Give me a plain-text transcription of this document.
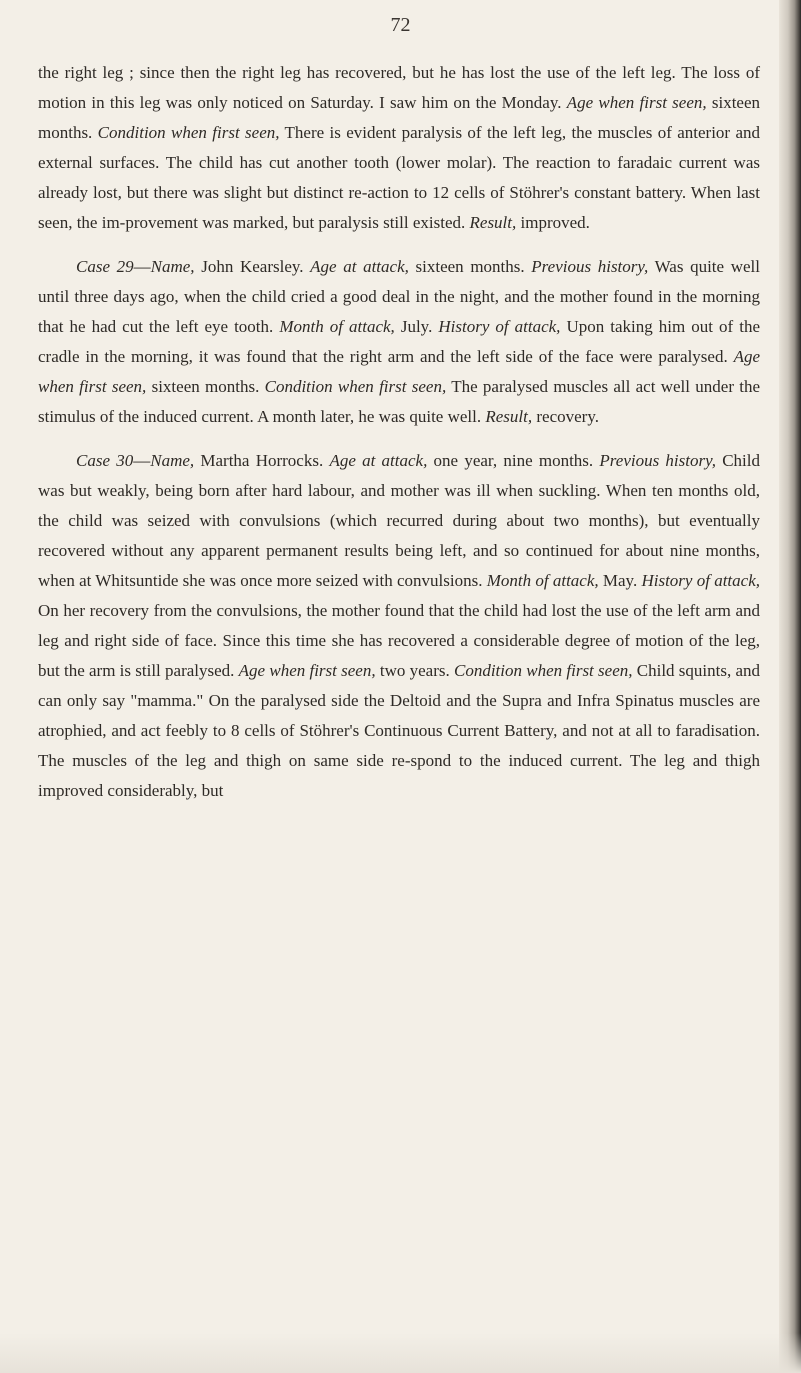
72

the right leg ; since then the right leg has recovered, but he has lost the use of the left leg. The loss of motion in this leg was only noticed on Saturday. I saw him on the Monday. Age when first seen, sixteen months. Condition when first seen, There is evident paralysis of the left leg, the muscles of anterior and external surfaces. The child has cut another tooth (lower molar). The reaction to faradaic current was already lost, but there was slight but distinct re-action to 12 cells of Stöhrer's constant battery. When last seen, the im-provement was marked, but paralysis still existed. Result, improved.

Case 29—Name, John Kearsley. Age at attack, sixteen months. Previous history, Was quite well until three days ago, when the child cried a good deal in the night, and the mother found in the morning that he had cut the left eye tooth. Month of attack, July. History of attack, Upon taking him out of the cradle in the morning, it was found that the right arm and the left side of the face were paralysed. Age when first seen, sixteen months. Condition when first seen, The paralysed muscles all act well under the stimulus of the induced current. A month later, he was quite well. Result, recovery.

Case 30—Name, Martha Horrocks. Age at attack, one year, nine months. Previous history, Child was but weakly, being born after hard labour, and mother was ill when suckling. When ten months old, the child was seized with convulsions (which recurred during about two months), but eventually recovered without any apparent permanent results being left, and so continued for about nine months, when at Whitsuntide she was once more seized with convulsions. Month of attack, May. History of attack, On her recovery from the convulsions, the mother found that the child had lost the use of the left arm and leg and right side of face. Since this time she has recovered a considerable degree of motion of the leg, but the arm is still paralysed. Age when first seen, two years. Condition when first seen, Child squints, and can only say "mamma." On the paralysed side the Deltoid and the Supra and Infra Spinatus muscles are atrophied, and act feebly to 8 cells of Stöhrer's Continuous Current Battery, and not at all to faradisation. The muscles of the leg and thigh on same side re-spond to the induced current. The leg and thigh improved considerably, but
